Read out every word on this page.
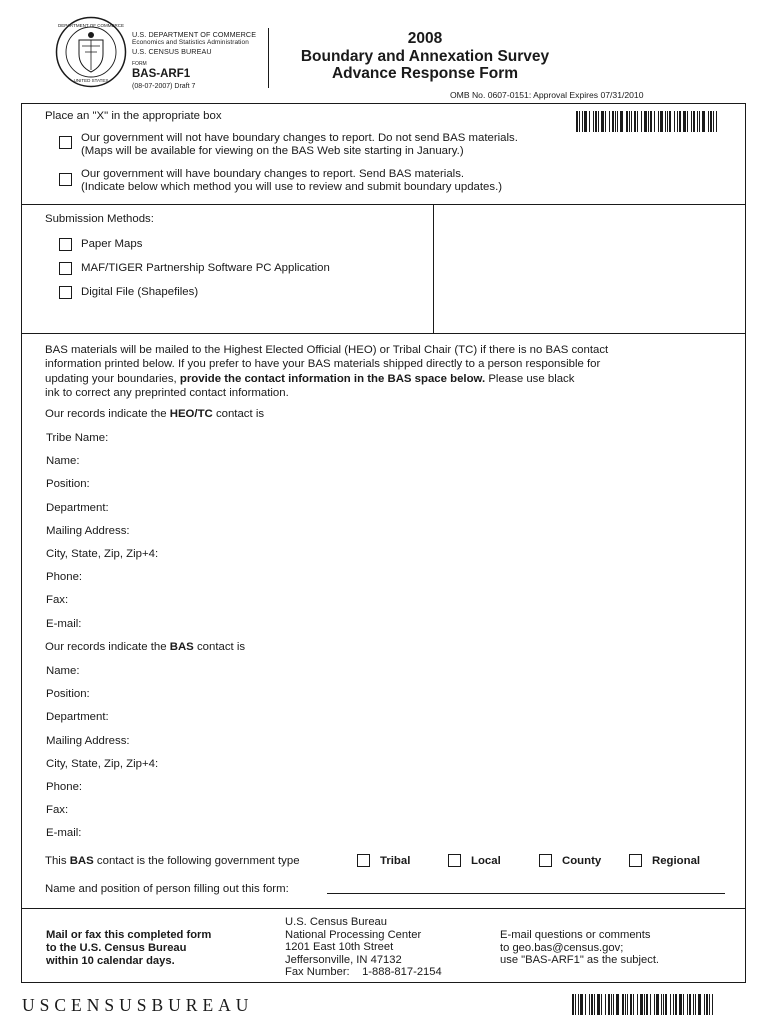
DEPARTMENT OF COMMERCE
UNITED STATES
U.S. DEPARTMENT OF COMMERCE
Economics and Statistics Administration
U.S. CENSUS BUREAU
FORM
BAS-ARF1
(08-07-2007) Draft 7
2008
Boundary and Annexation Survey
Advance Response Form
OMB No. 0607-0151: Approval Expires 07/31/2010
Place an "X" in the appropriate box
Our government will not have boundary changes to report. Do not send BAS materials.
(Maps will be available for viewing on the BAS Web site starting in January.)
Our government will have boundary changes to report. Send BAS materials.
(Indicate below which method you will use to review and submit boundary updates.)
Submission Methods:
Paper Maps
MAF/TIGER Partnership Software PC Application
Digital File (Shapefiles)
BAS materials will be mailed to the Highest Elected Official (HEO) or Tribal Chair (TC) if there is no BAS contact
information printed below. If you prefer to have your BAS materials shipped directly to a person responsible for
updating your boundaries, provide the contact information in the BAS space below. Please use black
ink to correct any preprinted contact information.
Our records indicate the HEO/TC contact is
Tribe Name:
Name:
Position:
Department:
Mailing Address:
City, State, Zip, Zip+4:
Phone:
Fax:
E-mail:
Our records indicate the BAS contact is
Name:
Position:
Department:
Mailing Address:
City, State, Zip, Zip+4:
Phone:
Fax:
E-mail:
This BAS contact is the following government type	Tribal	Local	County	Regional
Name and position of person filling out this form:
Mail or fax this completed form
to the U.S. Census Bureau
within 10 calendar days.
U.S. Census Bureau
National Processing Center
1201 East 10th Street
Jeffersonville, IN 47132
Fax Number:    1-888-817-2154
E-mail questions or comments
to geo.bas@census.gov;
use "BAS-ARF1" as the subject.
USCENSUSBUREAU
